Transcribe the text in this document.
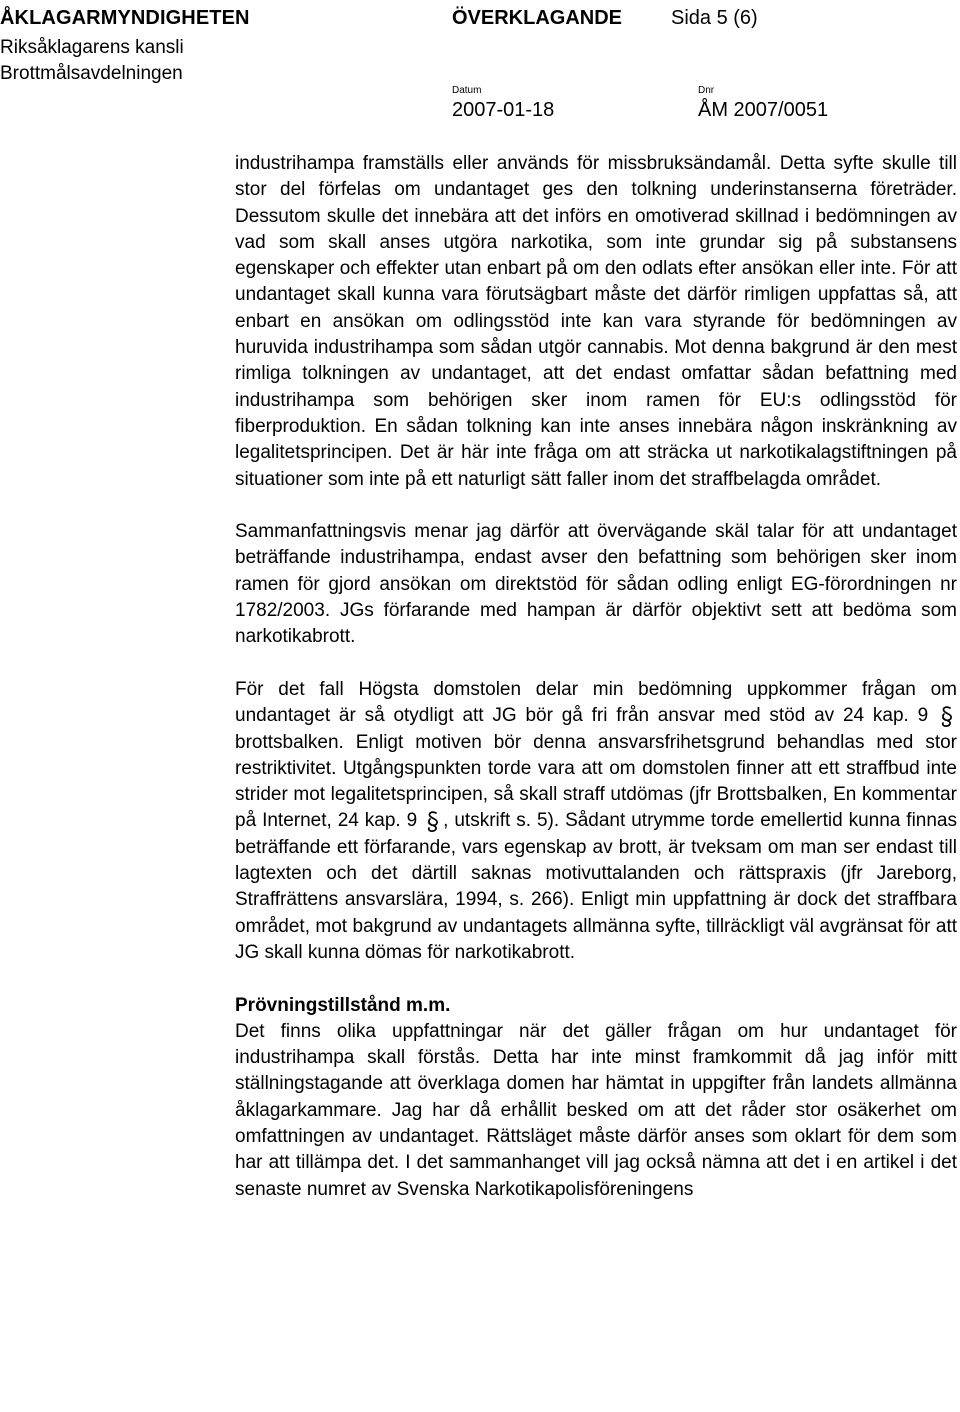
ÅKLAGARMYNDIGHETEN	ÖVERKLAGANDE Sida 5 (6)
Riksåklagarens kansli
Brottmålsavdelningen
Datum	Dnr
2007-01-18	ÅM 2007/0051

industrihampa framställs eller används för missbruksändamål. Detta syfte skulle till stor del förfelas om undantaget ges den tolkning underinstanserna företräder. Dessutom skulle det innebära att det införs en omotiverad skillnad i bedömningen av vad som skall anses utgöra narkotika, som inte grundar sig på substansens egenskaper och effekter utan enbart på om den odlats efter ansökan eller inte. För att undantaget skall kunna vara förutsägbart måste det därför rimligen uppfattas så, att enbart en ansökan om odlingsstöd inte kan vara styrande för bedömningen av huruvida industrihampa som sådan utgör cannabis. Mot denna bakgrund är den mest rimliga tolkningen av undantaget, att det endast omfattar sådan befattning med industrihampa som behörigen sker inom ramen för EU:s odlingsstöd för fiberproduktion. En sådan tolkning kan inte anses innebära någon inskränkning av legalitetsprincipen. Det är här inte fråga om att sträcka ut narkotikalagstiftningen på situationer som inte på ett naturligt sätt faller inom det straffbelagda området.

Sammanfattningsvis menar jag därför att övervägande skäl talar för att undantaget beträffande industrihampa, endast avser den befattning som behörigen sker inom ramen för gjord ansökan om direktstöd för sådan odling enligt EG-förordningen nr 1782/2003. JGs förfarande med hampan är därför objektivt sett att bedöma som narkotikabrott.

För det fall Högsta domstolen delar min bedömning uppkommer frågan om undantaget är så otydligt att JG bör gå fri från ansvar med stöd av 24 kap. 9  brottsbalken. Enligt motiven bör denna ansvarsfrihetsgrund behandlas med stor restriktivitet. Utgångspunkten torde vara att om domstolen finner att ett straffbud inte strider mot legalitetsprincipen, så skall straff utdömas (jfr Brottsbalken, En kommentar på Internet, 24 kap. 9 , utskrift s. 5). Sådant utrymme torde emellertid kunna finnas beträffande ett förfarande, vars egenskap av brott, är tveksam om man ser endast till lagtexten och det därtill saknas motivuttalanden och rättspraxis (jfr Jareborg, Straffrättens ansvarslära, 1994, s. 266). Enligt min uppfattning är dock det straffbara området, mot bakgrund av undantagets allmänna syfte, tillräckligt väl avgränsat för att JG skall kunna dömas för narkotikabrott.

Prövningstillstånd m.m.

Det finns olika uppfattningar när det gäller frågan om hur undantaget för industrihampa skall förstås. Detta har inte minst framkommit då jag inför mitt ställningstagande att överklaga domen har hämtat in uppgifter från landets allmänna åklagarkammare. Jag har då erhållit besked om att det råder stor osäkerhet om omfattningen av undantaget. Rättsläget måste därför anses som oklart för dem som har att tillämpa det. I det sammanhanget vill jag också nämna att det i en artikel i det senaste numret av Svenska Narkotikapolisföreningens
